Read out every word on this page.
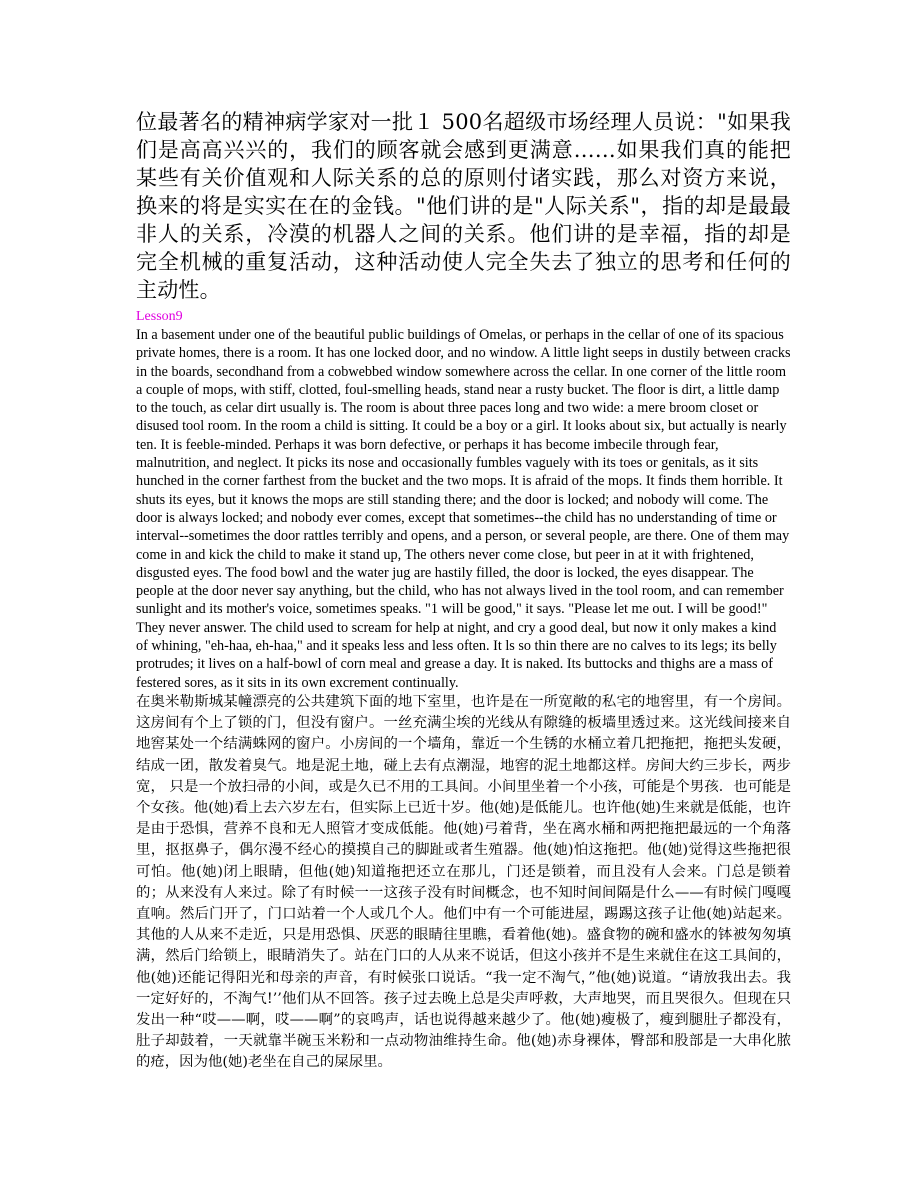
位最著名的精神病学家对一批１ 500名超级市场经理人员说："如果我们是高高兴兴的，我们的顾客就会感到更满意……如果我们真的能把某些有关价值观和人际关系的总的原则付诸实践，那么对资方来说，换来的将是实实在在的金钱。"他们讲的是"人际关系"，指的却是最最非人的关系，冷漠的机器人之间的关系。他们讲的是幸福，指的却是完全机械的重复活动，这种活动使人完全失去了独立的思考和任何的主动性。

Lesson9

In a basement under one of the beautiful public buildings of Omelas, or perhaps in the cellar of one of its spacious private homes, there is a room. It has one locked door, and no window. A little light seeps in dustily between cracks in the boards, secondhand from a cobwebbed window somewhere across the cellar. In one corner of the little room a couple of mops, with stiff, clotted, foul-smelling heads, stand near a rusty bucket. The floor is dirt, a little damp to the touch, as celar dirt usually is. The room is about three paces long and two wide: a mere broom closet or disused tool room. In the room a child is sitting. It could be a boy or a girl. It looks about six, but actually is nearly ten. It is feeble-minded. Perhaps it was born defective, or perhaps it has become imbecile through fear, malnutrition, and neglect. It picks its nose and occasionally fumbles vaguely with its toes or genitals, as it sits hunched in the corner farthest from the bucket and the two mops. It is afraid of the mops. It finds them horrible. It shuts its eyes, but it knows the mops are still standing there; and the door is locked; and nobody will come. The door is always locked; and nobody ever comes, except that sometimes--the child has no understanding of time or interval--sometimes the door rattles terribly and opens, and a person, or several people, are there. One of them may come in and kick the child to make it stand up, The others never come close, but peer in at it with frightened, disgusted eyes. The food bowl and the water jug are hastily filled, the door is locked, the eyes disappear. The people at the door never say anything, but the child, who has not always lived in the tool room, and can remember sunlight and its mother's voice, sometimes speaks. "1 will be good," it says. "Please let me out. I will be good!" They never answer. The child used to scream for help at night, and cry a good deal, but now it only makes a kind of whining, "eh-haa, eh-haa," and it speaks less and less often. It ls so thin there are no calves to its legs; its belly protrudes; it lives on a half-bowl of corn meal and grease a day. It is naked. Its buttocks and thighs are a mass of festered sores, as it sits in its own excrement continually.

在奥米勒斯城某幢漂亮的公共建筑下面的地下室里，也许是在一所宽敞的私宅的地窖里，有一个房间。这房间有个上了锁的门，但没有窗户。一丝充满尘埃的光线从有隙缝的板墙里透过来。这光线间接来自地窖某处一个结满蛛网的窗户。小房间的一个墙角，靠近一个生锈的水桶立着几把拖把，拖把头发硬，结成一团，散发着臭气。地是泥土地，碰上去有点潮湿，地窖的泥土地都这样。房间大约三步长，两步宽， 只是一个放扫帚的小间，或是久已不用的工具间。小间里坐着一个小孩，可能是个男孩．也可能是个女孩。他(她)看上去六岁左右，但实际上已近十岁。他(她)是低能儿。也许他(她)生来就是低能，也许是由于恐惧，营养不良和无人照管才变成低能。他(她)弓着背，坐在离水桶和两把拖把最远的一个角落里，抠抠鼻子，偶尔漫不经心的摸摸自己的脚趾或者生殖器。他(她)怕这拖把。他(她)觉得这些拖把很可怕。他(她)闭上眼睛，但他(她)知道拖把还立在那儿，门还是锁着，而且没有人会来。门总是锁着的；从来没有人来过。除了有时候一一这孩子没有时间概念，也不知时间间隔是什么——有时候门嘎嘎直响。然后门开了，门口站着一个人或几个人。他们中有一个可能进屋，踢踢这孩子让他(她)站起来。其他的人从来不走近，只是用恐惧、厌恶的眼睛往里瞧，看着他(她)。盛食物的碗和盛水的钵被匆匆填满，然后门给锁上，眼睛消失了。站在门口的人从来不说话，但这小孩并不是生来就住在这工具间的，他(她)还能记得阳光和母亲的声音，有时候张口说话。“我一定不淘气，”他(她)说道。“请放我出去。我一定好好的，不淘气!’’他们从不回答。孩子过去晚上总是尖声呼救，大声地哭，而且哭很久。但现在只发出一种“哎——啊，哎——啊”的哀鸣声，话也说得越来越少了。他(她)瘦极了，瘦到腿肚子都没有，肚子却鼓着，一天就靠半碗玉米粉和一点动物油维持生命。他(她)赤身裸体，臀部和股部是一大串化脓的疮，因为他(她)老坐在自己的屎尿里。
